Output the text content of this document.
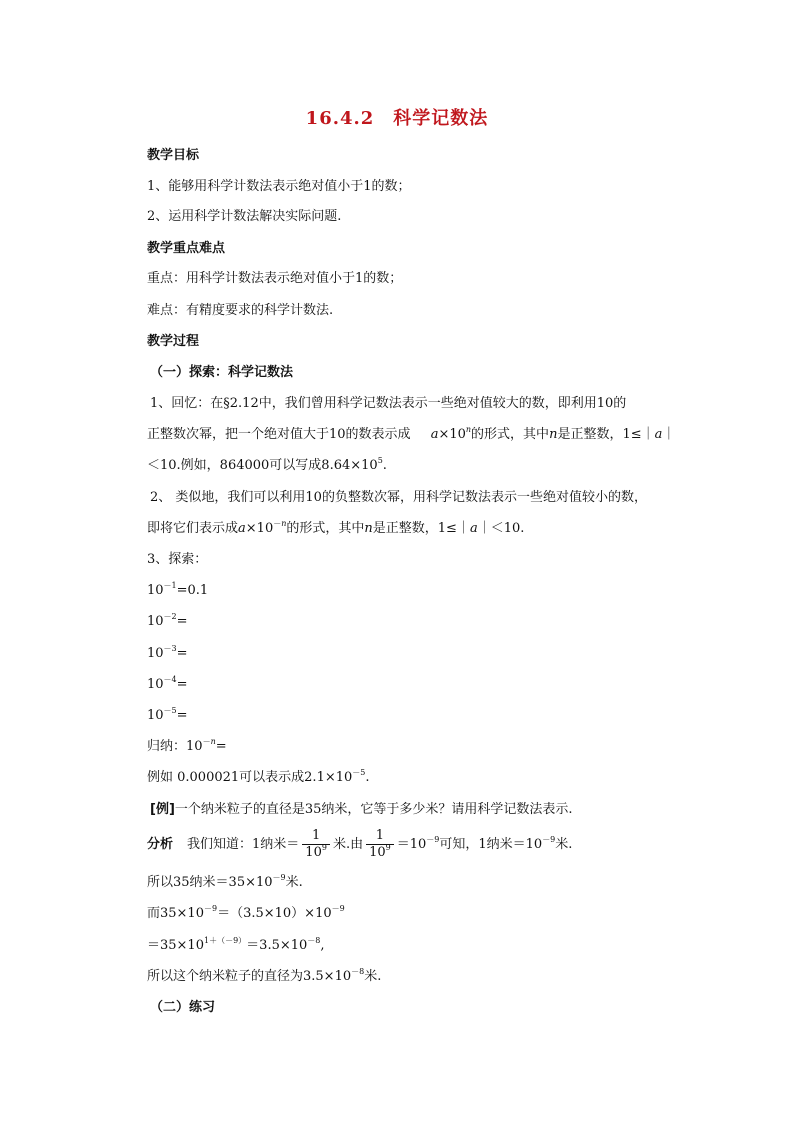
16.4.2　科学记数法
教学目标
1、能够用科学计数法表示绝对值小于1的数；
2、运用科学计数法解决实际问题.
教学重点难点
重点：用科学计数法表示绝对值小于1的数；
难点：有精度要求的科学计数法.
教学过程
（一）探索：科学记数法
1、回忆：在§2.12中，我们曾用科学记数法表示一些绝对值较大的数，即利用10的
正整数次幂，把一个绝对值大于10的数表示成 $a\times 10^n$的形式，其中n是正整数，1≤｜a｜
＜10.例如，864000可以写成$8.64\times 10^5$.
2、 类似地，我们可以利用10的负整数次幂，用科学记数法表示一些绝对值较小的数，
即将它们表示成$a\times 10^{-n}$的形式，其中n是正整数，1≤｜a｜＜10.
3、探索：
$10^{-1}=0.1$
$10^{-2}=$
$10^{-3}=$
$10^{-4}=$
$10^{-5}=$
归纳：$10^{-n}=$
例如 0.000021可以表示成$2.1\times 10^{-5}$.
[例]一个纳米粒子的直径是35纳米，它等于多少米？请用科学记数法表示.
分析 我们知道：1纳米＝ $\frac{1}{10^9}$ 米.由 $\frac{1}{10^9} =10^{-9}$可知，1纳米$=10^{-9}$米.
所以35纳米$=35\times 10^{-9}$米.
而$35\times 10^{-9}=(3.5\times 10)\times 10^{-9}$
$=35\times 10^{1+(-9)}=3.5\times 10^{-8}$,
所以这个纳米粒子的直径为$3.5\times 10^{-8}$米.
（二）练习
